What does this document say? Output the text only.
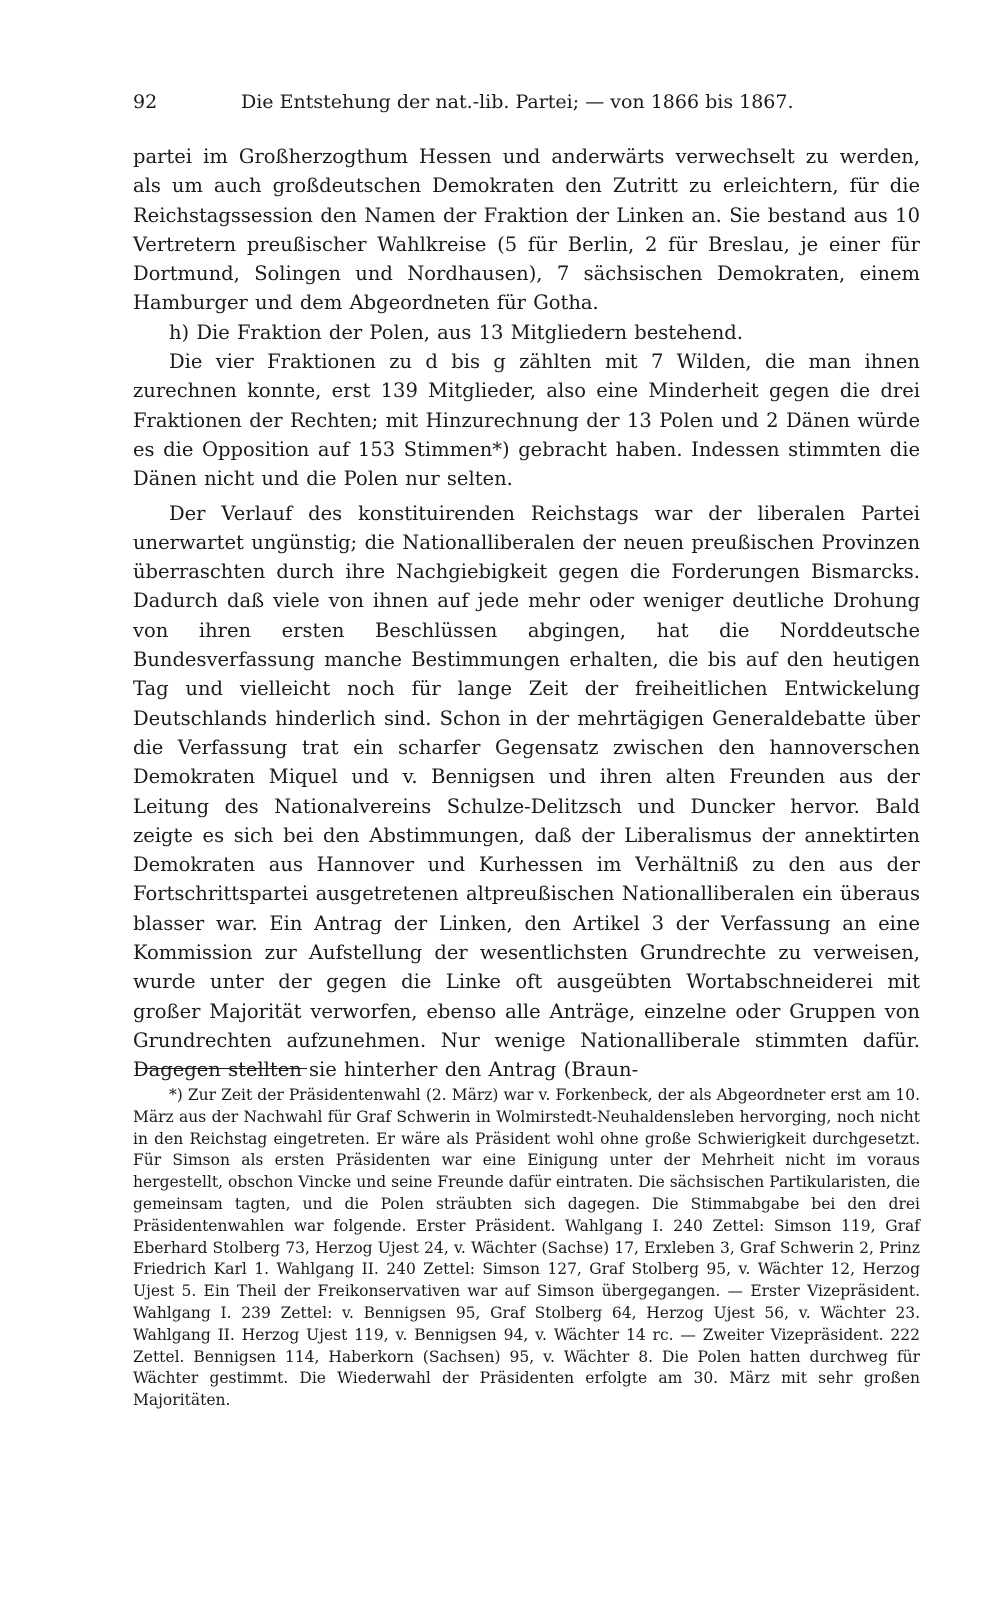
92	Die Entstehung der nat.-lib. Partei; — von 1866 bis 1867.

partei im Großherzogthum Hessen und anderwärts verwechselt zu werden, als um auch großdeutschen Demokraten den Zutritt zu erleichtern, für die Reichstagssession den Namen der Fraktion der Linken an. Sie bestand aus 10 Vertretern preußischer Wahlkreise (5 für Berlin, 2 für Breslau, je einer für Dortmund, Solingen und Nordhausen), 7 sächsischen Demokraten, einem Hamburger und dem Abgeordneten für Gotha.

h) Die Fraktion der Polen, aus 13 Mitgliedern bestehend.

Die vier Fraktionen zu d bis g zählten mit 7 Wilden, die man ihnen zurechnen konnte, erst 139 Mitglieder, also eine Minderheit gegen die drei Fraktionen der Rechten; mit Hinzurechnung der 13 Polen und 2 Dänen würde es die Opposition auf 153 Stimmen*) gebracht haben. Indessen stimmten die Dänen nicht und die Polen nur selten.

Der Verlauf des konstituirenden Reichstags war der liberalen Partei unerwartet ungünstig; die Nationalliberalen der neuen preußischen Provinzen überraschten durch ihre Nachgiebigkeit gegen die Forderungen Bismarcks. Dadurch daß viele von ihnen auf jede mehr oder weniger deutliche Drohung von ihren ersten Beschlüssen abgingen, hat die Norddeutsche Bundesverfassung manche Bestimmungen erhalten, die bis auf den heutigen Tag und vielleicht noch für lange Zeit der freiheitlichen Entwickelung Deutschlands hinderlich sind. Schon in der mehrtägigen Generaldebatte über die Verfassung trat ein scharfer Gegensatz zwischen den hannoverschen Demokraten Miquel und v. Bennigsen und ihren alten Freunden aus der Leitung des Nationalvereins Schulze-Delitzsch und Duncker hervor. Bald zeigte es sich bei den Abstimmungen, daß der Liberalismus der annektirten Demokraten aus Hannover und Kurhessen im Verhältniß zu den aus der Fortschrittspartei ausgetretenen altpreußischen Nationalliberalen ein überaus blasser war. Ein Antrag der Linken, den Artikel 3 der Verfassung an eine Kommission zur Aufstellung der wesentlichsten Grundrechte zu verweisen, wurde unter der gegen die Linke oft ausgeübten Wortabschneiderei mit großer Majorität verworfen, ebenso alle Anträge, einzelne oder Gruppen von Grundrechten aufzunehmen. Nur wenige Nationalliberale stimmten dafür. Dagegen stellten sie hinterher den Antrag (Braun-

*) Zur Zeit der Präsidentenwahl (2. März) war v. Forkenbeck, der als Abgeordneter erst am 10. März aus der Nachwahl für Graf Schwerin in Wolmirstedt-Neuhaldensleben hervorging, noch nicht in den Reichstag eingetreten. Er wäre als Präsident wohl ohne große Schwierigkeit durchgesetzt. Für Simson als ersten Präsidenten war eine Einigung unter der Mehrheit nicht im voraus hergestellt, obschon Vincke und seine Freunde dafür eintraten. Die sächsischen Partikularisten, die gemeinsam tagten, und die Polen sträubten sich dagegen. Die Stimmabgabe bei den drei Präsidentenwahlen war folgende. Erster Präsident. Wahlgang I. 240 Zettel: Simson 119, Graf Eberhard Stolberg 73, Herzog Ujest 24, v. Wächter (Sachse) 17, Erxleben 3, Graf Schwerin 2, Prinz Friedrich Karl 1. Wahlgang II. 240 Zettel: Simson 127, Graf Stolberg 95, v. Wächter 12, Herzog Ujest 5. Ein Theil der Freikonservativen war auf Simson übergegangen. — Erster Vizepräsident. Wahlgang I. 239 Zettel: v. Bennigsen 95, Graf Stolberg 64, Herzog Ujest 56, v. Wächter 23. Wahlgang II. Herzog Ujest 119, v. Bennigsen 94, v. Wächter 14 rc. — Zweiter Vizepräsident. 222 Zettel. Bennigsen 114, Haberkorn (Sachsen) 95, v. Wächter 8. Die Polen hatten durchweg für Wächter gestimmt. Die Wiederwahl der Präsidenten erfolgte am 30. März mit sehr großen Majoritäten.
